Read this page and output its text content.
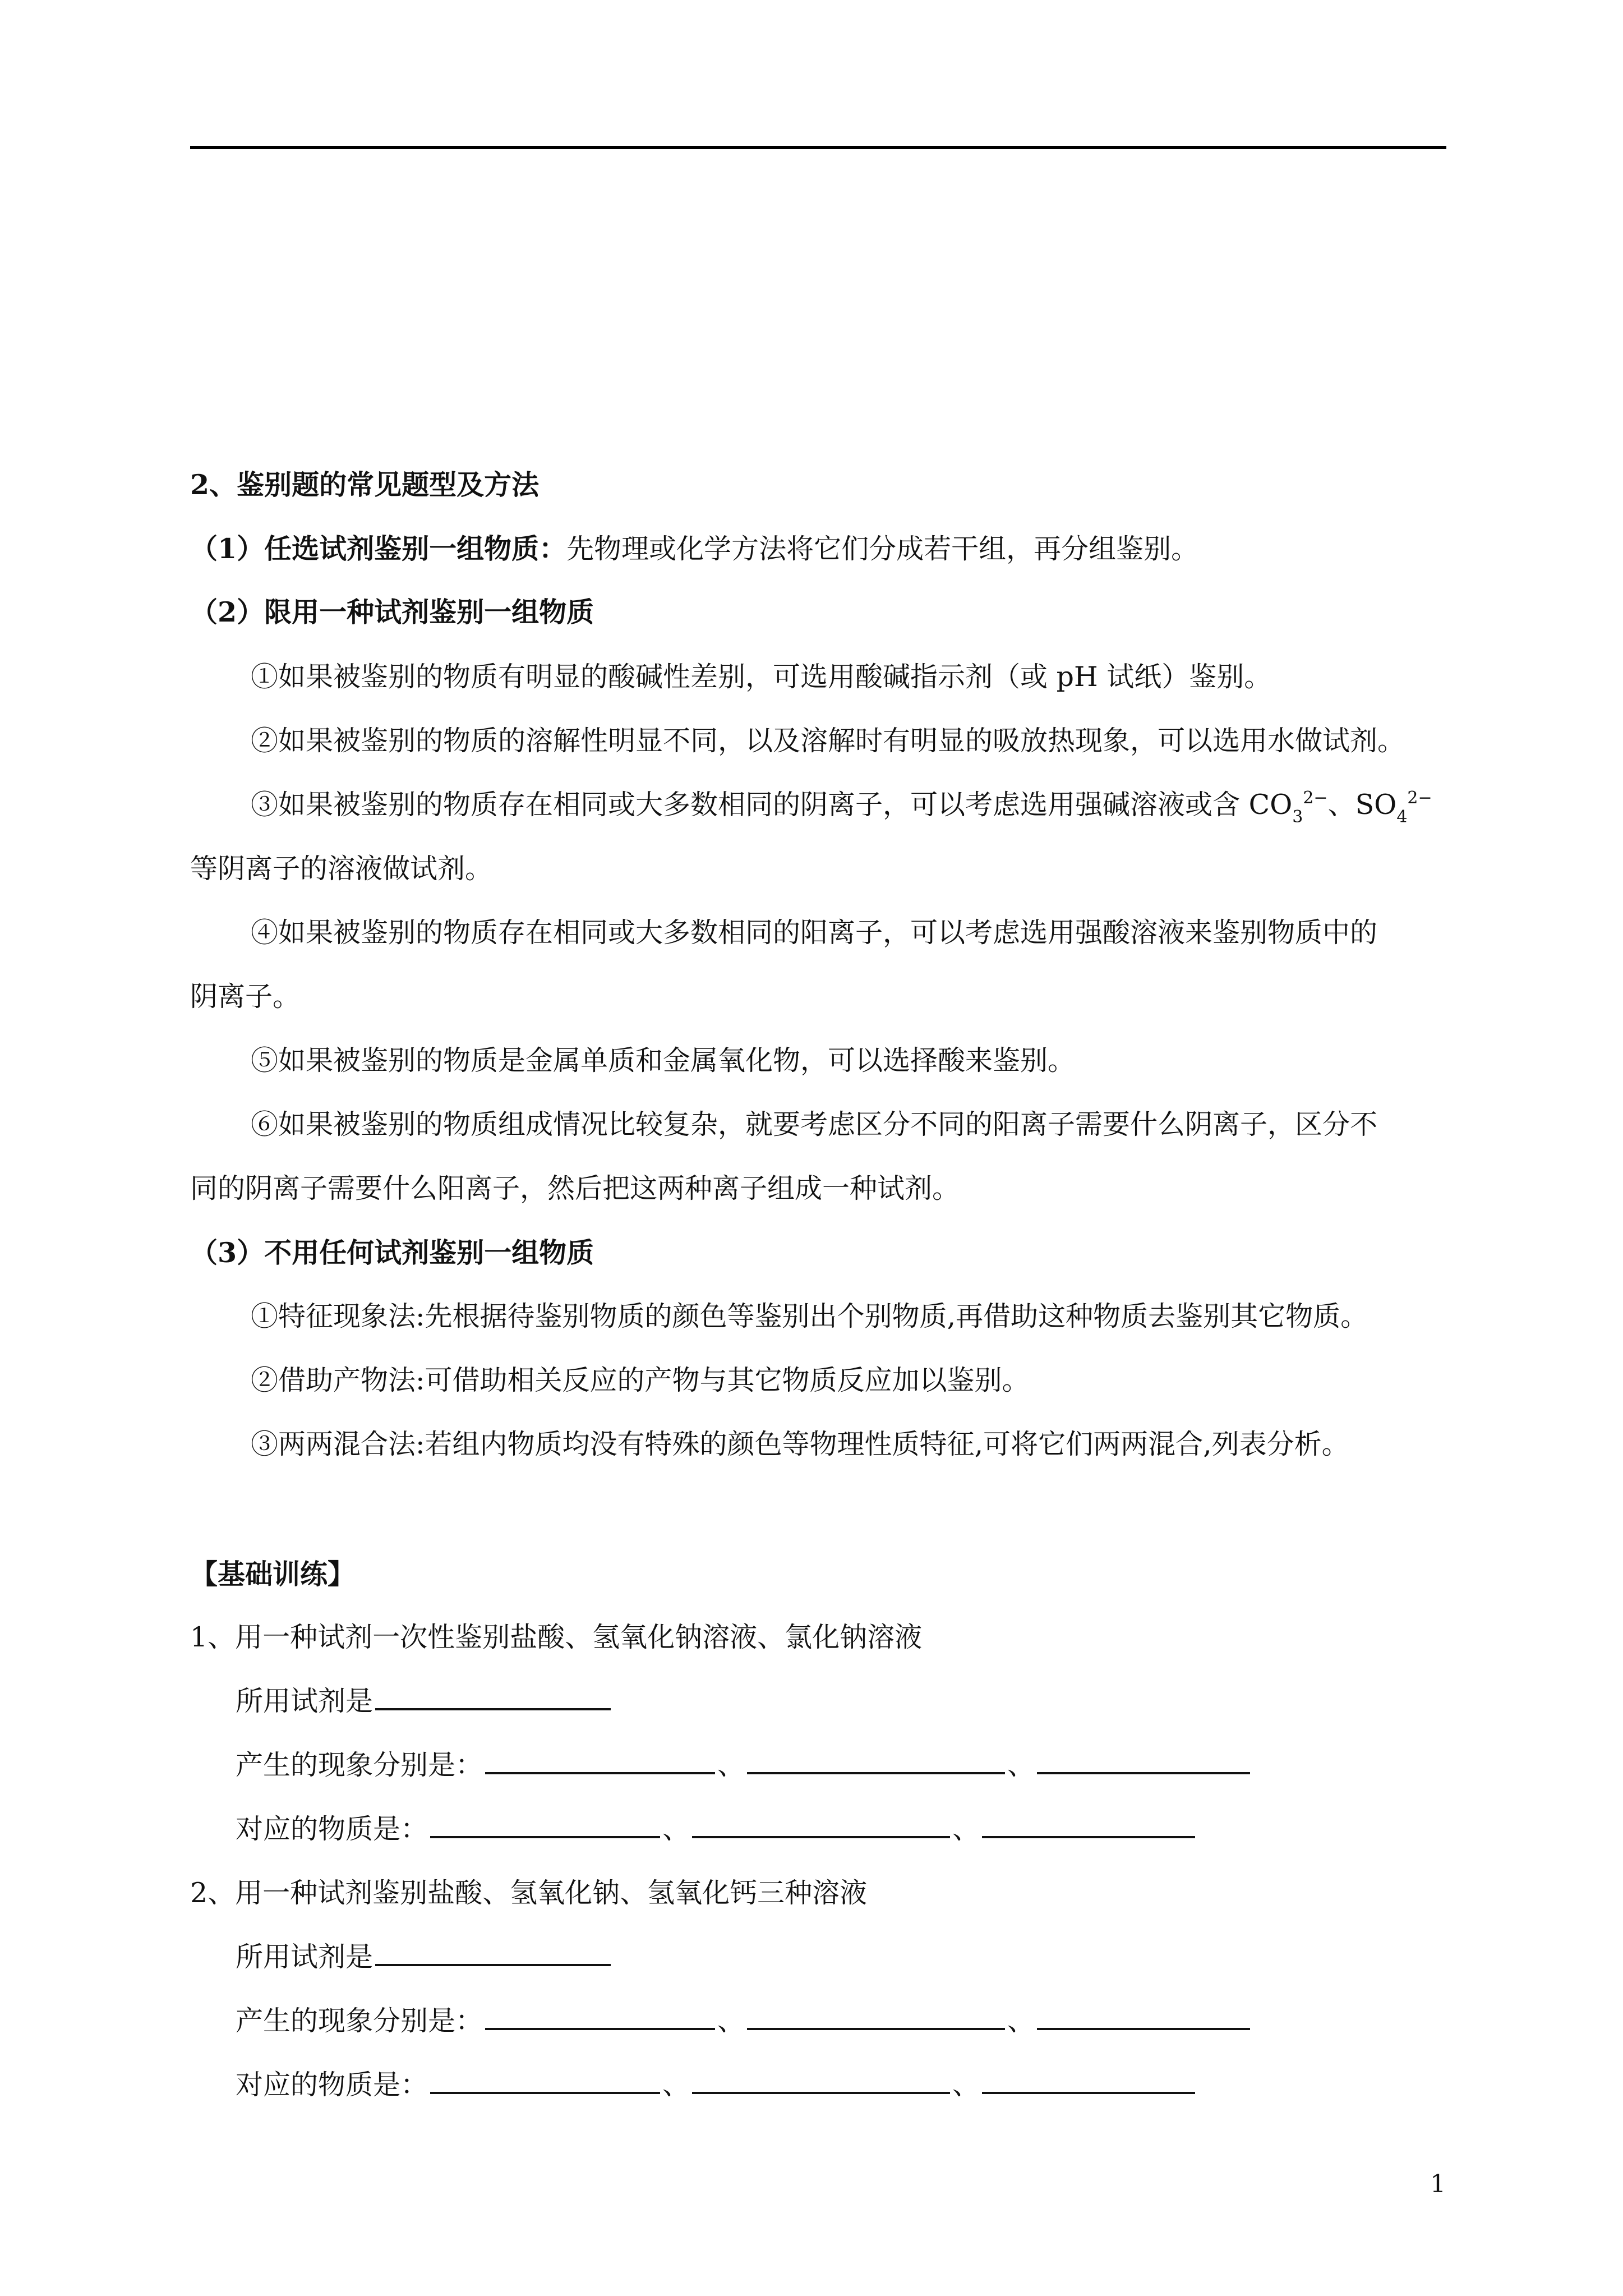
2、鉴别题的常见题型及方法
（1）任选试剂鉴别一组物质：先物理或化学方法将它们分成若干组，再分组鉴别。
（2）限用一种试剂鉴别一组物质
①如果被鉴别的物质有明显的酸碱性差别，可选用酸碱指示剂（或 pH 试纸）鉴别。
②如果被鉴别的物质的溶解性明显不同，以及溶解时有明显的吸放热现象，可以选用水做试剂。
③如果被鉴别的物质存在相同或大多数相同的阴离子，可以考虑选用强碱溶液或含 $CO_3^{2-}$、$SO_4^{2-}$
等阴离子的溶液做试剂。
④如果被鉴别的物质存在相同或大多数相同的阳离子，可以考虑选用强酸溶液来鉴别物质中的
阴离子。
⑤如果被鉴别的物质是金属单质和金属氧化物，可以选择酸来鉴别。
⑥如果被鉴别的物质组成情况比较复杂，就要考虑区分不同的阳离子需要什么阴离子，区分不
同的阴离子需要什么阳离子，然后把这两种离子组成一种试剂。
（3）不用任何试剂鉴别一组物质
①特征现象法:先根据待鉴别物质的颜色等鉴别出个别物质,再借助这种物质去鉴别其它物质。
②借助产物法:可借助相关反应的产物与其它物质反应加以鉴别。
③两两混合法:若组内物质均没有特殊的颜色等物理性质特征,可将它们两两混合,列表分析。
【基础训练】
1、用一种试剂一次性鉴别盐酸、氢氧化钠溶液、氯化钠溶液
所用试剂是
产生的现象分别是：	、	、
对应的物质是：	、	、
2、用一种试剂鉴别盐酸、氢氧化钠、氢氧化钙三种溶液
所用试剂是
产生的现象分别是：	、	、
对应的物质是：	、	、
1
